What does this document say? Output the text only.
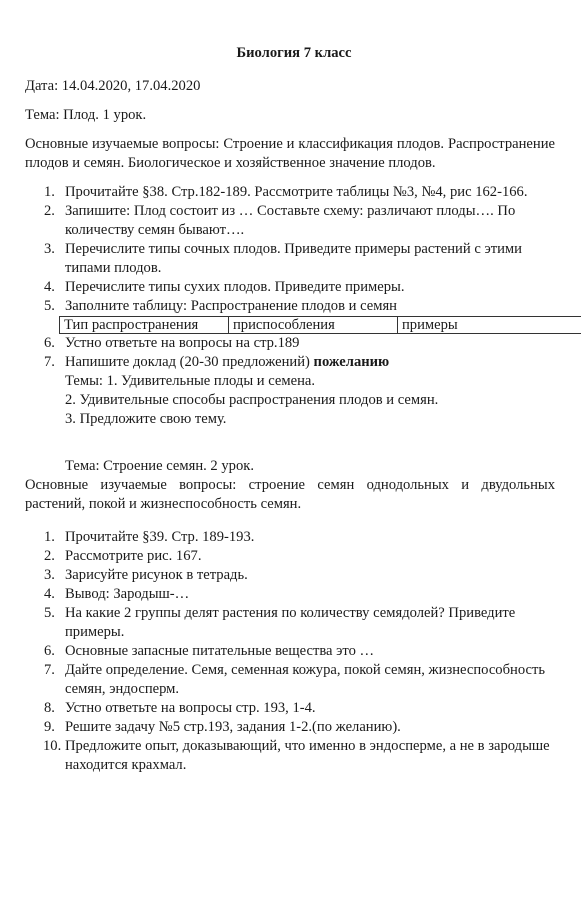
Биология 7 класс

Дата: 14.04.2020, 17.04.2020

Тема: Плод. 1 урок.

Основные изучаемые вопросы: Строение и классификация плодов. Распространение плодов и семян. Биологическое и хозяйственное значение плодов.

1. Прочитайте §38. Стр.182-189. Рассмотрите таблицы №3, №4, рис 162-166.
2. Запишите: Плод состоит из … Составьте схему: различают плоды…. По количеству семян бывают….
3. Перечислите типы сочных плодов. Приведите примеры растений с этими типами плодов.
4. Перечислите типы сухих плодов. Приведите примеры.
5. Заполните таблицу: Распространение плодов и семян
Тип распространения	приспособления	примеры
6. Устно ответьте на вопросы на стр.189
7. Напишите доклад (20-30 предложений) пожеланию

Темы: 1. Удивительные плоды и семена.

2. Удивительные способы распространения плодов и семян.

3. Предложите свою тему.

Тема: Строение семян. 2 урок.

Основные изучаемые вопросы: строение семян однодольных и двудольных растений, покой и жизнеспособность семян.

1. Прочитайте §39. Стр. 189-193.
2. Рассмотрите рис. 167.
3. Зарисуйте рисунок в тетрадь.
4. Вывод: Зародыш-…
5. На какие 2 группы делят растения по количеству семядолей? Приведите примеры.
6. Основные запасные питательные вещества это …
7. Дайте определение. Семя, семенная кожура, покой семян, жизнеспособность семян, эндосперм.
8. Устно ответьте на вопросы стр. 193, 1-4.
9. Решите задачу №5 стр.193, задания 1-2.(по желанию).
10. Предложите опыт, доказывающий, что именно в эндосперме, а не в зародыше находится крахмал.
